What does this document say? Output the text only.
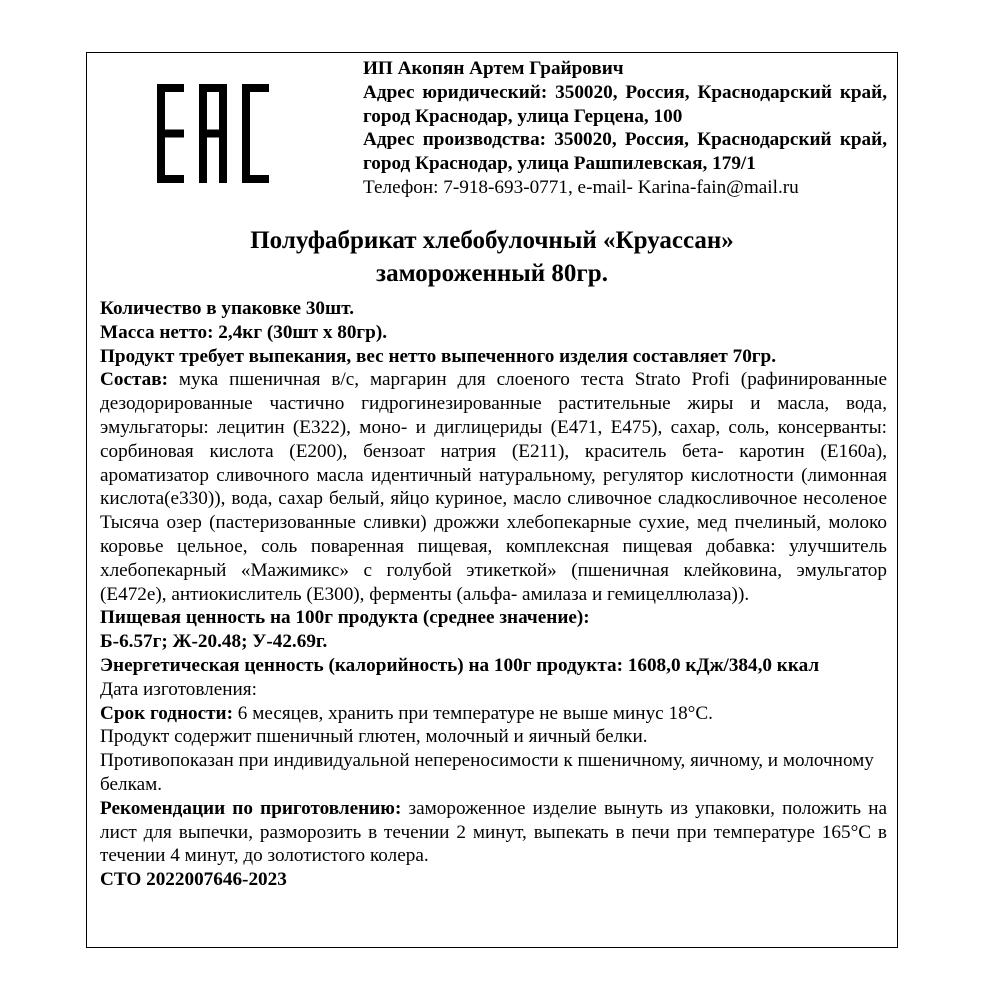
ИП Акопян Артем Грайрович

Адрес юридический: 350020, Россия, Краснодарский край, город Краснодар, улица Герцена, 100

Адрес производства: 350020, Россия, Краснодарский край, город Краснодар, улица Рашпилевская, 179/1

Телефон: 7-918-693-0771, e-mail- Karina-fain@mail.ru

Полуфабрикат хлебобулочный «Круассан»

замороженный 80гр.

Количество в упаковке 30шт.

Масса нетто: 2,4кг (30шт х 80гр).

Продукт требует выпекания, вес нетто выпеченного изделия составляет 70гр.

Состав: мука пшеничная в/с, маргарин для слоеного теста Strato Profi (рафинированные дезодорированные частично гидрогинезированные растительные жиры и масла, вода, эмульгаторы: лецитин (Е322), моно- и диглицериды (Е471, Е475), сахар, соль, консерванты: сорбиновая кислота (Е200), бензоат натрия (Е211), краситель бета- каротин (Е160а), ароматизатор сливочного масла идентичный натуральному, регулятор кислотности (лимонная кислота(е330)), вода, сахар белый, яйцо куриное, масло сливочное сладкосливочное несоленое Тысяча озер (пастеризованные сливки) дрожжи хлебопекарные сухие, мед пчелиный, молоко коровье цельное, соль поваренная пищевая, комплексная пищевая добавка: улучшитель хлебопекарный «Мажимикс» с голубой этикеткой» (пшеничная клейковина, эмульгатор (Е472е), антиокислитель (Е300), ферменты (альфа- амилаза и гемицеллюлаза)).

Пищевая ценность на 100г продукта (среднее значение):

Б-6.57г; Ж-20.48; У-42.69г.

Энергетическая ценность (калорийность) на 100г продукта: 1608,0 кДж/384,0 ккал

Дата изготовления:

Срок годности: 6 месяцев, хранить при температуре не выше минус 18°С.

Продукт содержит пшеничный глютен, молочный и яичный белки.

Противопоказан при индивидуальной непереносимости к пшеничному, яичному, и молочному белкам.

Рекомендации по приготовлению: замороженное изделие вынуть из упаковки, положить на лист для выпечки, разморозить в течении 2 минут, выпекать в печи при температуре 165°С в течении 4 минут, до золотистого колера.

СТО 2022007646-2023
